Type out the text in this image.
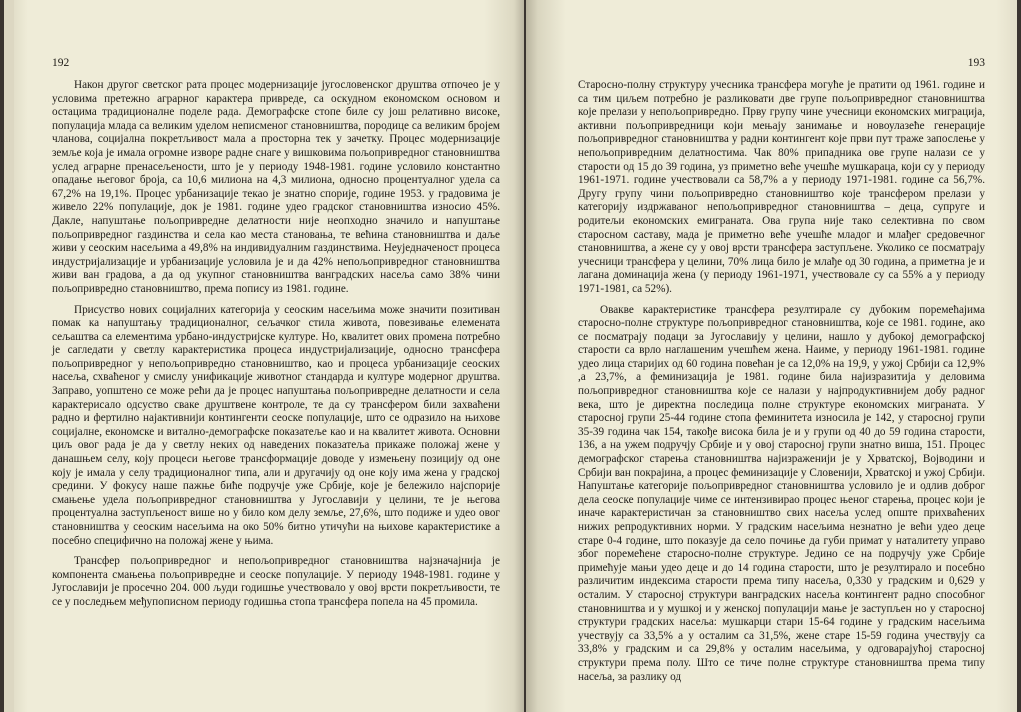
192

Након другог светског рата процес модернизације југословенског друштва отпочео је у условима претежно аграрног карактера привреде, са оскудном економском основом и остацима традиционалне поделе рада. Демографске стопе биле су још релативно високе, популација млада са великим уделом неписменог становништва, породице са великим бројем чланова, социјална покретљивост мала а просторна тек у зачетку. Процес модернизације земље која је имала огромне изворе радне снаге у вишковима пољопривредног становништва услед аграрне пренасељености, што је у периоду 1948-1981. године условило константно опадање његовог броја, са 10,6 милиона на 4,3 милиона, односно процентуалног удела са 67,2% на 19,1%. Процес урбанизације текао је знатно спорије, године 1953. у градовима је живело 22% популације, док је 1981. године удео градског становништва износио 45%. Дакле, напуштање пољопривредне делатности није неопходно значило и напуштање пољопривредног газдинства и села као места становања, те већина становништва и даље живи у сеоским насељима а 49,8% на индивидуалним газдинствима. Неуједначеност процеса индустријализације и урбанизације условила је и да 42% непољопривредног становништва живи ван градова, а да од укупног становништва ванградских насеља само 38% чини пољопривредно становништво, према попису из 1981. године.

Присуство нових социјалних категорија у сеоским насељима може значити позитиван помак ка напуштању традиционалног, сељачког стила живота, повезивање елемената сељаштва са елементима урбано-индустријске културе. Но, квалитет ових промена потребно је сагледати у светлу карактеристика процеса индустријализације, односно трансфера пољопривредног у непољопривредно становништво, као и процеса урбанизације сеоских насеља, схваћеног у смислу унификације животног стандарда и културе модерног друштва. Заправо, уопштено се може рећи да је процес напуштања пољопривредне делатности и села карактерисало одсуство сваке друштвене контроле, те да су трансфером били захваћени радно и фертилно најактивнији контингенти сеоске популације, што се одразило на њихове социјалне, економске и витално-демографске показатеље као и на квалитет живота. Основни циљ овог рада је да у светлу неких од наведених показатеља прикаже положај жене у данашњем селу, коју процеси његове трансформације доводе у измењену позицију од оне коју је имала у селу традиционалног типа, али и другачију од оне коју има жена у градској средини. У фокусу наше пажње биће подручје уже Србије, које је бележило најспорије смањење удела пољопривредног становништва у Југославији у целини, те је његова процентуална заступљеност више но у било ком делу земље, 27,6%, што подиже и удео овог становништва у сеоским насељима на око 50% битно утичући на њихове карактеристике а посебно специфично на положај жене у њима.

Трансфер пољопривредног и непољопривредног становништва најзначајнија је компонента смањења пољопривредне и сеоске популације. У периоду 1948-1981. године у Југославији је просечно 204. 000 људи годишње учествовало у овој врсти покретљивости, те се у последњем међупописном периоду годишња стопа трансфера попела на 45 промила.

193

Старосно-полну структуру учесника трансфера могуће је пратити од 1961. године и са тим циљем потребно је разликовати две групе пољопривредног становништва које прелази у непољопривредно. Прву групу чине учесници економских миграција, активни пољопривредници који мењају занимање и новоулазеће генерације пољопривредног становништва у радни контингент које први пут траже запослење у непољопривредним делатностима. Чак 80% припадника ове групе налази се у старости од 15 до 39 година, уз приметно веће учешће мушкараца, који су у периоду 1961-1971. године учествовали са 58,7% а у периоду 1971-1981. године са 56,7%. Другу групу чини пољопривредно становништво које трансфером прелази у категорију издржаваног непољопривредног становништва – деца, супруге и родитељи економских емиграната. Ова група није тако селективна по свом старосном саставу, мада је приметно веће учешће младог и млађег средовечног становништва, а жене су у овој врсти трансфера заступљене. Уколико се посматрају учесници трансфера у целини, 70% лица било је млађе од 30 година, а приметна је и лагана доминација жена (у периоду 1961-1971, учествовале су са 55% а у периоду 1971-1981, са 52%).

Овакве карактеристике трансфера резултирале су дубоким поремећајима старосно-полне структуре пољопривредног становништва, које се 1981. године, ако се посматрају подаци за Југославију у целини, нашло у дубокој демографској старости са врло наглашеним учешћем жена. Наиме, у периоду 1961-1981. године удео лица старијих од 60 година повећан је са 12,0% на 19,9, у ужој Србији са 12,9% ,а 23,7%, а феминизација је 1981. године била најизразитија у деловима пољопривредног становништва које се налази у најпродуктивнијем добу радног века, што је директна последица полне структуре економских миграната. У старосној групи 25-44 године стопа феминитета износила је 142, у старосној групи 35-39 година чак 154, такође висока била је и у групи од 40 до 59 година старости, 136, а на ужем подручју Србије и у овој старосној групи знатно виша, 151. Процес демографског старења становништва најизраженији је у Хрватској, Војводини и Србији ван покрајина, а процес феминизације у Словенији, Хрватској и ужој Србији. Напуштање категорије пољопривредног становништва условило је и одлив доброг дела сеоске популације чиме се интензивирао процес њеног старења, процес који је иначе карактеристичан за становништво свих насеља услед опште прихваћених нижих репродуктивних норми. У градским насељима незнатно је већи удео деце старе 0-4 године, што показује да село почиње да губи примат у наталитету управо због поремећене старосно-полне структуре. Једино се на подручју уже Србије примећује мањи удео деце и до 14 година старости, што је резултирало и посебно различитим индексима старости према типу насеља, 0,330 у градским и 0,629 у осталим. У старосној структури ванградских насеља контингент радно способног становништва и у мушкој и у женској популацији мање је заступљен но у старосној структури градских насеља: мушкарци стари 15-64 године у градским насељима учествују са 33,5% а у осталим са 31,5%, жене старе 15-59 година учествују са 33,8% у градским и са 29,8% у осталим насељима, у одговарајућој старосној структури према полу. Што се тиче полне структуре становништва према типу насеља, за разлику од
